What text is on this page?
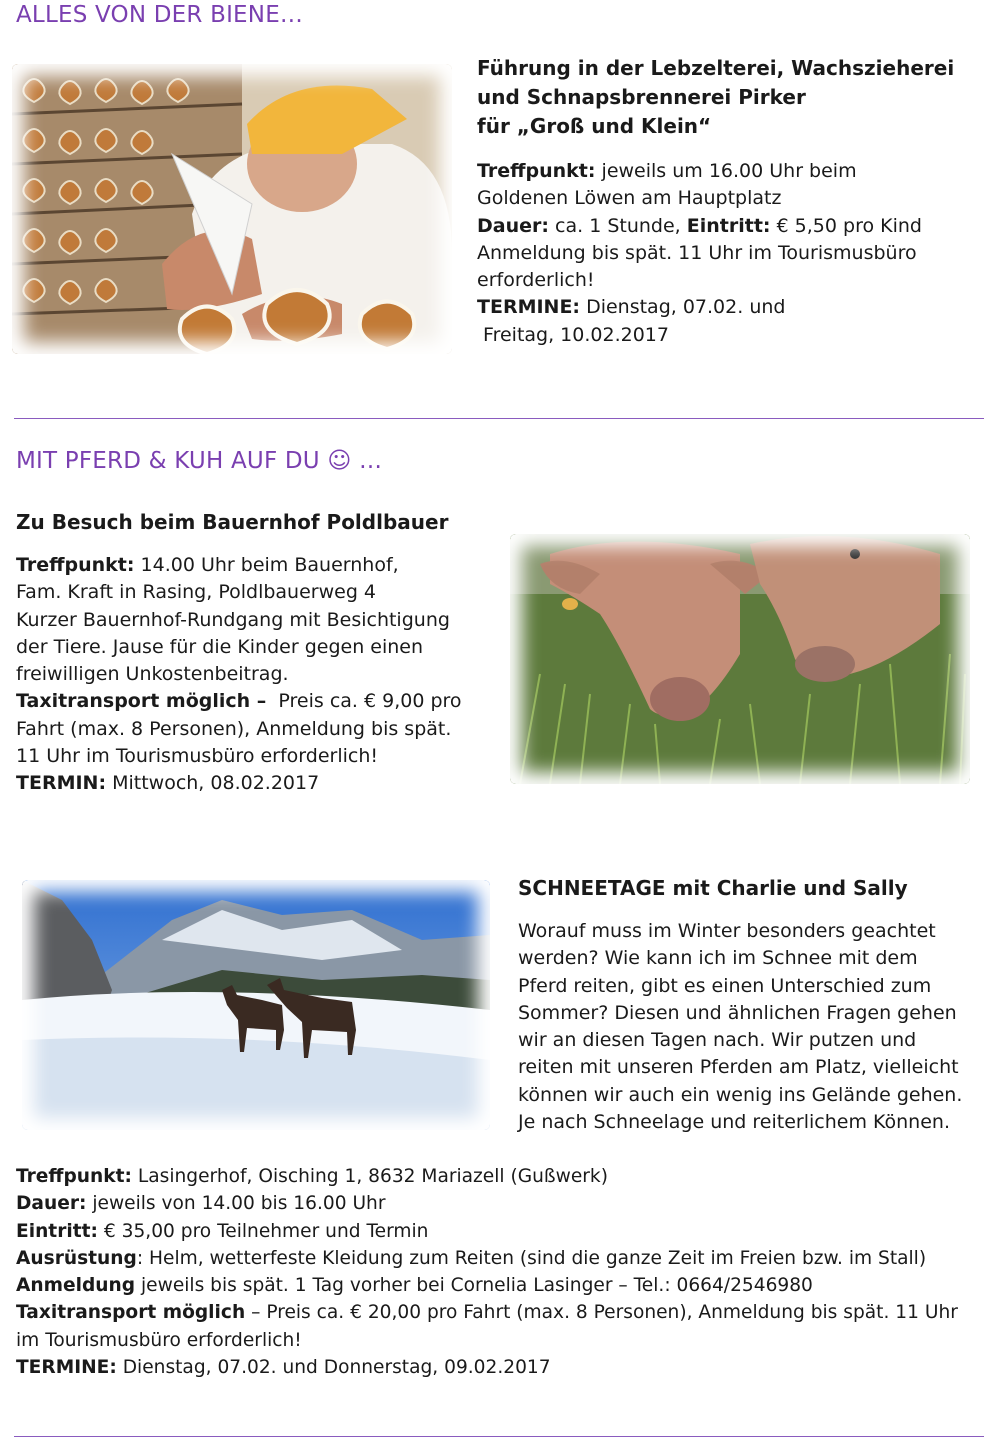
ALLES VON DER BIENE…

Führung in der Lebzelterei, Wachszieherei

und Schnapsbrennerei Pirker

für „Groß und Klein“

Treffpunkt: jeweils um 16.00 Uhr beim

Goldenen Löwen am Hauptplatz

Dauer: ca. 1 Stunde, Eintritt: € 5,50 pro Kind

Anmeldung bis spät. 11 Uhr im Tourismusbüro

erforderlich!

TERMINE: Dienstag, 07.02. und

Freitag, 10.02.2017

MIT PFERD & KUH AUF DU ☺ …

Zu Besuch beim Bauernhof Poldlbauer

Treffpunkt: 14.00 Uhr beim Bauernhof,

Fam. Kraft in Rasing, Poldlbauerweg 4

Kurzer Bauernhof-Rundgang mit Besichtigung

der Tiere. Jause für die Kinder gegen einen

freiwilligen Unkostenbeitrag.

Taxitransport möglich –  Preis ca. € 9,00 pro

Fahrt (max. 8 Personen), Anmeldung bis spät.

11 Uhr im Tourismusbüro erforderlich!

TERMIN: Mittwoch, 08.02.2017

SCHNEETAGE mit Charlie und Sally

Worauf muss im Winter besonders geachtet

werden? Wie kann ich im Schnee mit dem

Pferd reiten, gibt es einen Unterschied zum

Sommer? Diesen und ähnlichen Fragen gehen

wir an diesen Tagen nach. Wir putzen und

reiten mit unseren Pferden am Platz, vielleicht

können wir auch ein wenig ins Gelände gehen.

Je nach Schneelage und reiterlichem Können.

Treffpunkt: Lasingerhof, Oisching 1, 8632 Mariazell (Gußwerk)

Dauer: jeweils von 14.00 bis 16.00 Uhr

Eintritt: € 35,00 pro Teilnehmer und Termin

Ausrüstung: Helm, wetterfeste Kleidung zum Reiten (sind die ganze Zeit im Freien bzw. im Stall)

Anmeldung jeweils bis spät. 1 Tag vorher bei Cornelia Lasinger – Tel.: 0664/2546980

Taxitransport möglich – Preis ca. € 20,00 pro Fahrt (max. 8 Personen), Anmeldung bis spät. 11 Uhr

im Tourismusbüro erforderlich!

TERMINE: Dienstag, 07.02. und Donnerstag, 09.02.2017
